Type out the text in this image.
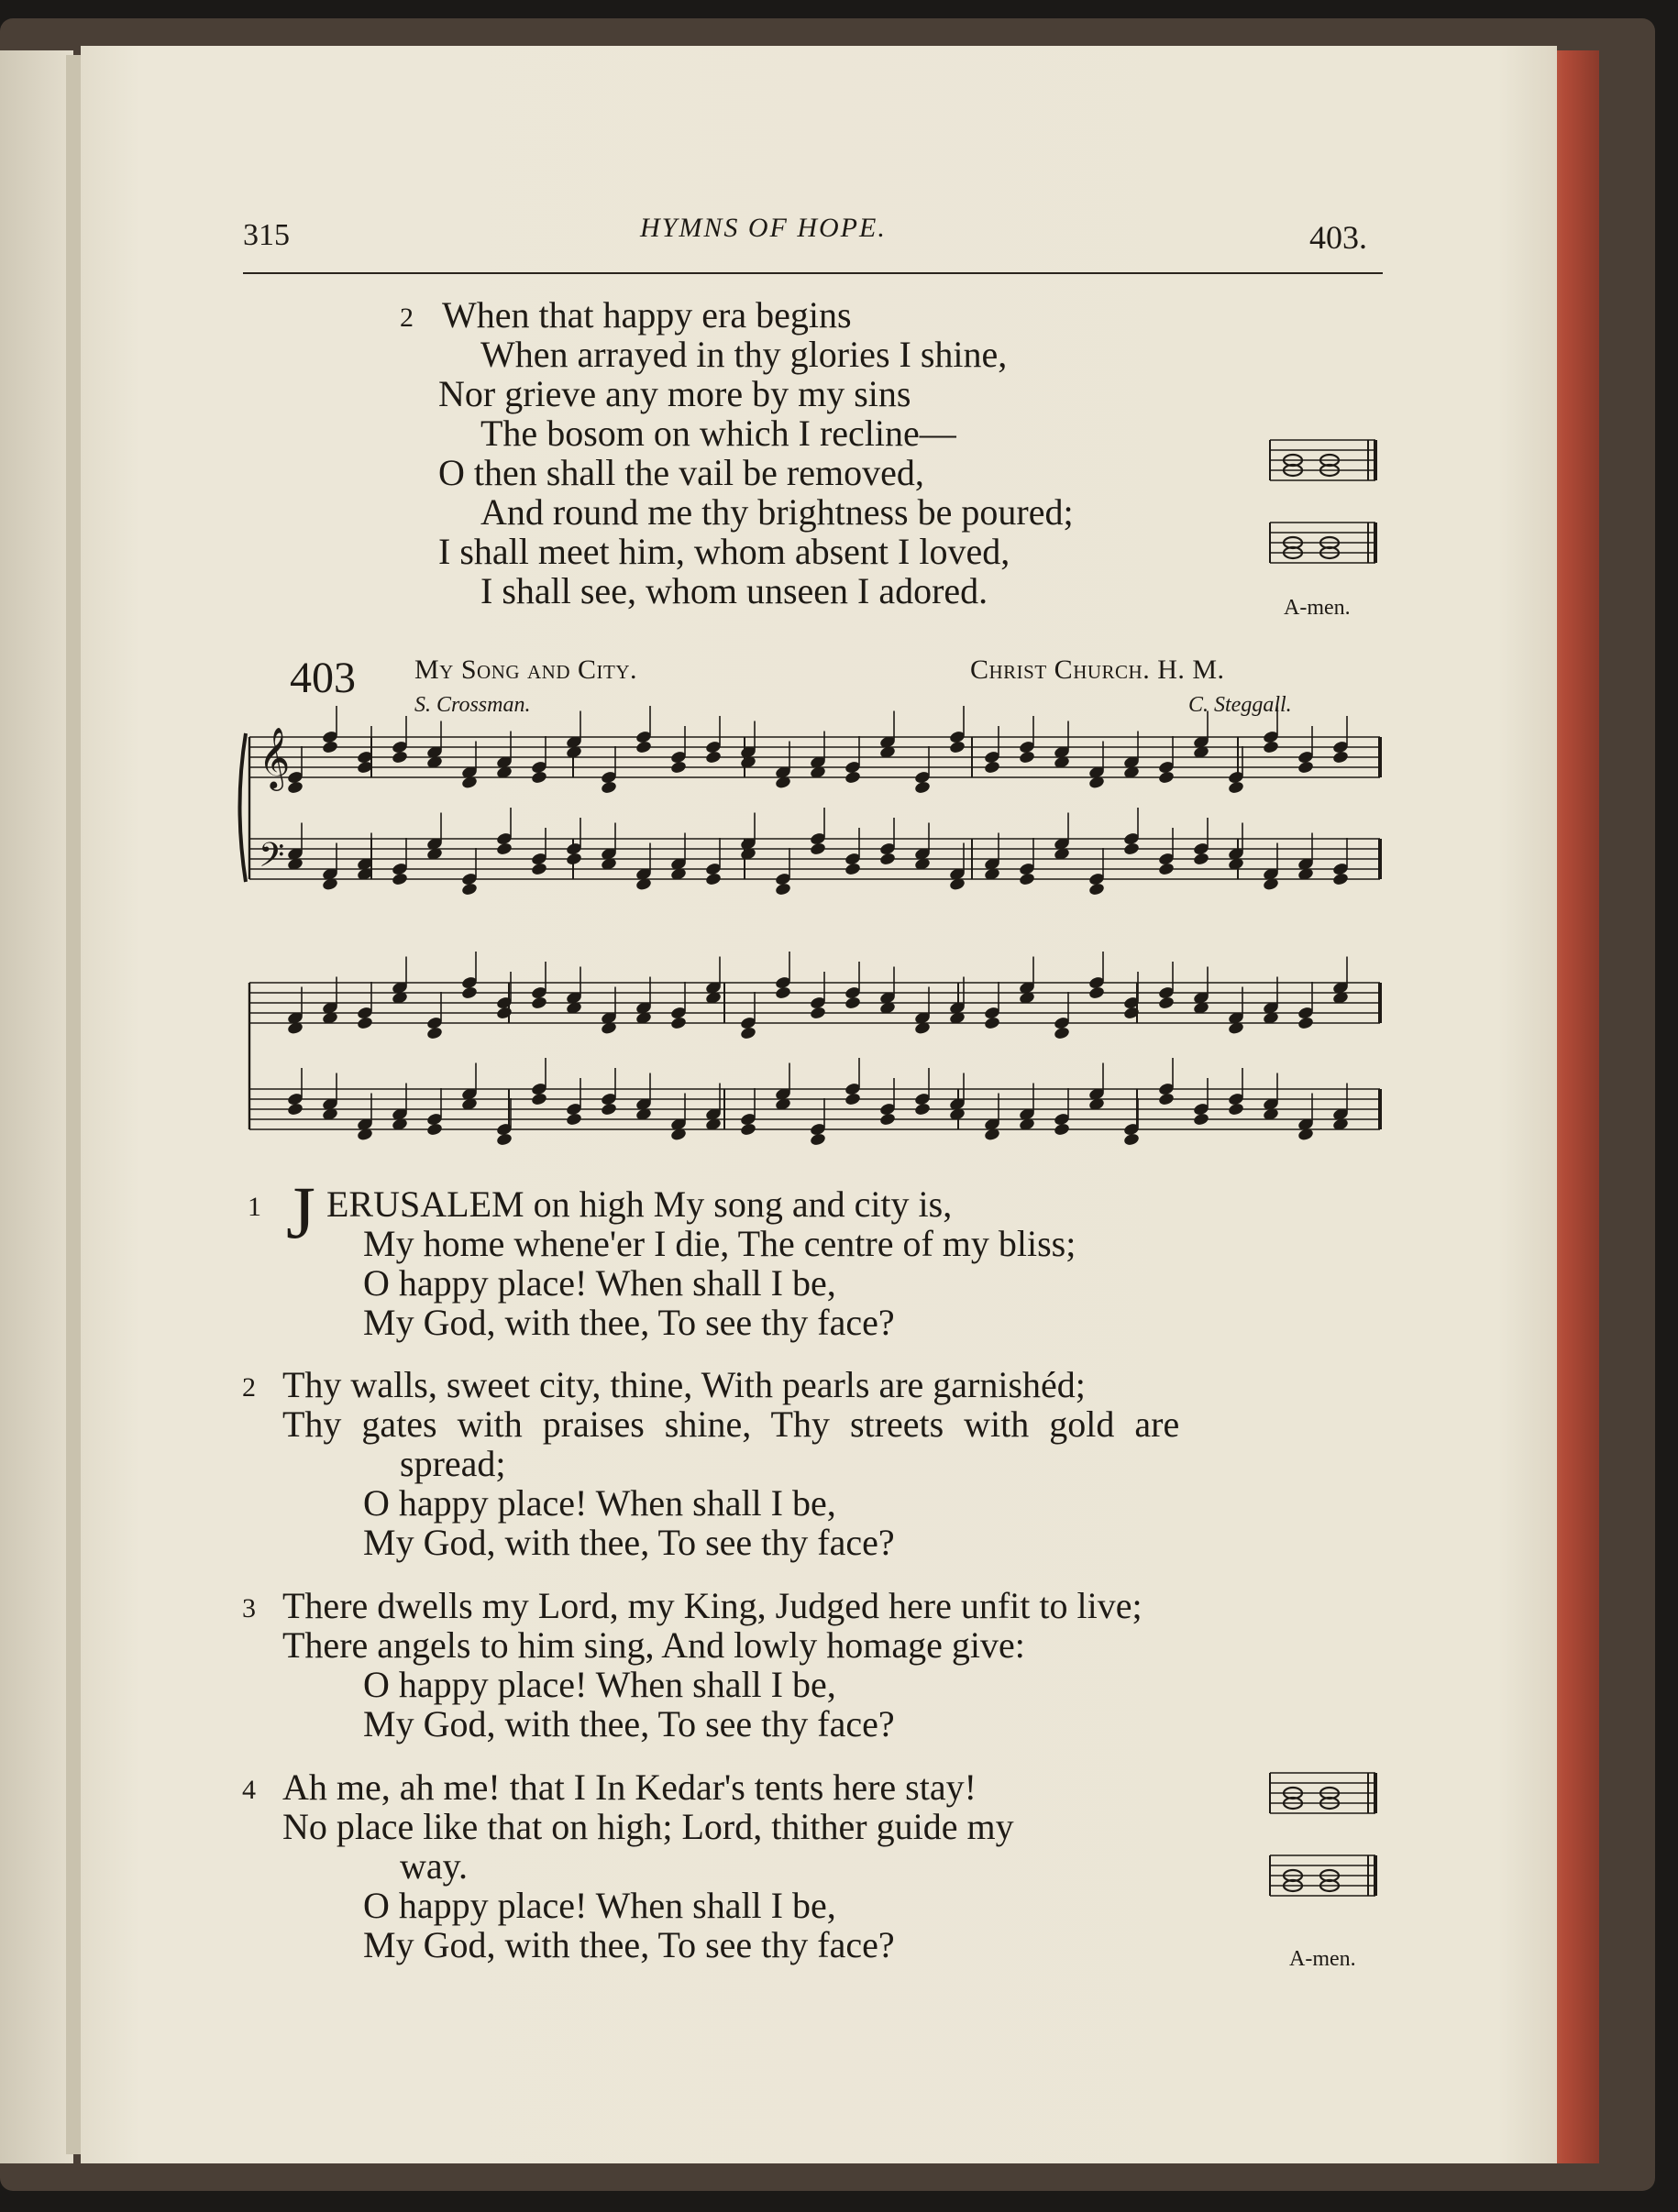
𝄞
𝄢
315	HYMNS OF HOPE.	403.
2 When that happy era begins
When arrayed in thy glories I shine,
Nor grieve any more by my sins
The bosom on which I recline—
O then shall the vail be removed,
And round me thy brightness be poured;
I shall meet him, whom absent I loved,
I shall see, whom unseen I adored.	A-men.
403 My Song and City.	Christ Church. H. M.
S. Crossman.	C. Steggall.
1 J ERUSALEM on high My song and city is,
My home whene'er I die, The centre of my bliss;
O happy place! When shall I be,
My God, with thee, To see thy face?
2 Thy walls, sweet city, thine, With pearls are garnishéd;
Thy gates with praises shine, Thy streets with gold are
spread;
O happy place! When shall I be,
My God, with thee, To see thy face?
3 There dwells my Lord, my King, Judged here unfit to live;
There angels to him sing, And lowly homage give:
O happy place! When shall I be,
My God, with thee, To see thy face?
4 Ah me, ah me! that I In Kedar's tents here stay!
No place like that on high; Lord, thither guide my
way.
O happy place! When shall I be,
My God, with thee, To see thy face?	A-men.
